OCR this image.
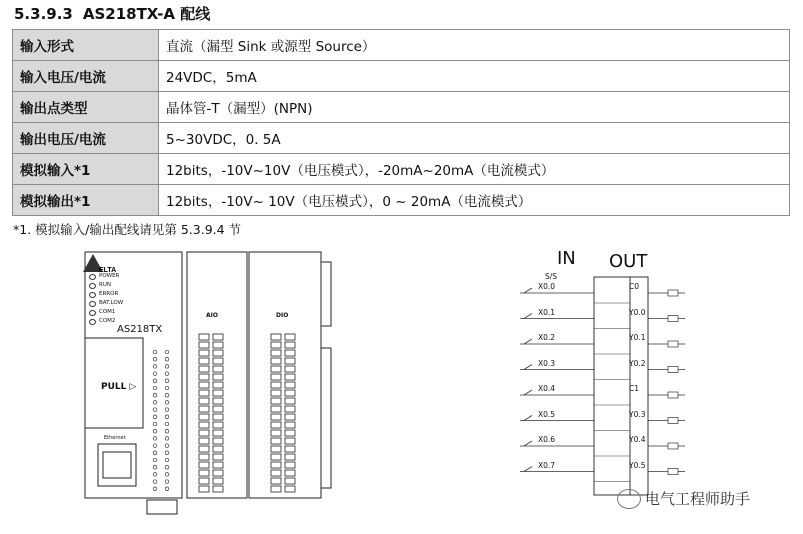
5.3.9.3 AS218TX-A 配线
输入形式	直流（漏型 Sink 或源型 Source）
输入电压/电流	24VDC，5mA
输出点类型	晶体管-T（漏型）(NPN)
输出电压/电流	5~30VDC，0. 5A
模拟输入*1	12bits，-10V~10V（电压模式），-20mA~20mA（电流模式）
模拟输出*1	12bits，-10V~ 10V（电压模式），0 ~ 20mA（电流模式）
*1. 模拟输入/输出配线请见第 5.3.9.4 节
POWER
RUN
ERROR
BAT.LOW
COM1
COM2
ELTA
AS218TX
PULL ▷
Ethernet
AIO	DIO
IN OUT
S/S
X0.0
X0.1
X0.2
X0.3
X0.4
X0.5
X0.6
X0.7
C0
Y0.0
Y0.1
Y0.2
C1
Y0.3
Y0.4
Y0.5
电气工程师助手
